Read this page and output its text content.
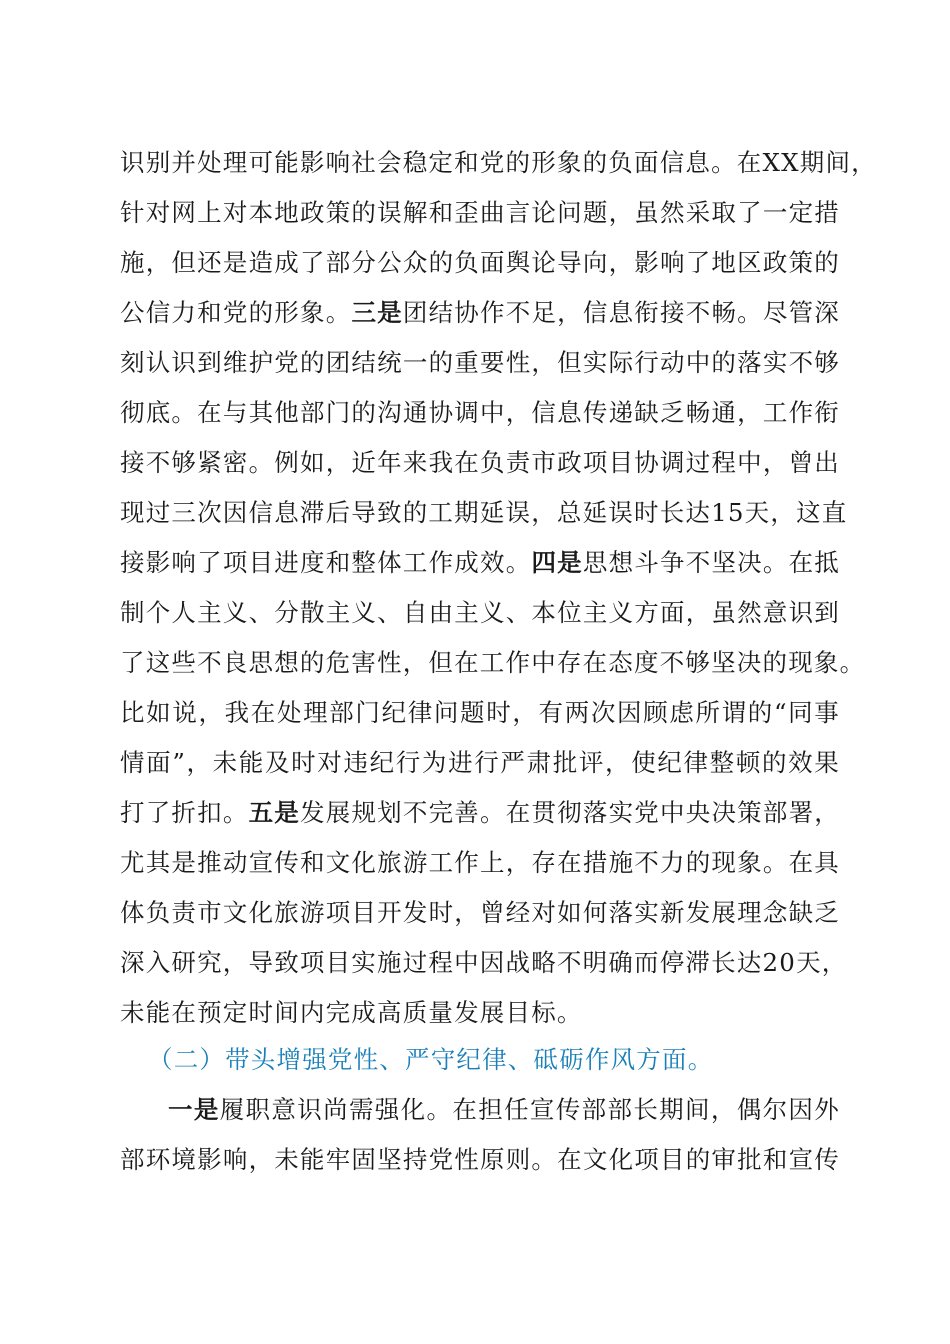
识别并处理可能影响社会稳定和党的形象的负面信息。在XX期间，
针对网上对本地政策的误解和歪曲言论问题，虽然采取了一定措
施，但还是造成了部分公众的负面舆论导向，影响了地区政策的
公信力和党的形象。三是团结协作不足，信息衔接不畅。尽管深
刻认识到维护党的团结统一的重要性，但实际行动中的落实不够
彻底。在与其他部门的沟通协调中，信息传递缺乏畅通，工作衔
接不够紧密。例如，近年来我在负责市政项目协调过程中，曾出
现过三次因信息滞后导致的工期延误，总延误时长达15天，这直
接影响了项目进度和整体工作成效。四是思想斗争不坚决。在抵
制个人主义、分散主义、自由主义、本位主义方面，虽然意识到
了这些不良思想的危害性，但在工作中存在态度不够坚决的现象。
比如说，我在处理部门纪律问题时，有两次因顾虑所谓的“同事
情面”，未能及时对违纪行为进行严肃批评，使纪律整顿的效果
打了折扣。五是发展规划不完善。在贯彻落实党中央决策部署，
尤其是推动宣传和文化旅游工作上，存在措施不力的现象。在具
体负责市文化旅游项目开发时，曾经对如何落实新发展理念缺乏
深入研究，导致项目实施过程中因战略不明确而停滞长达20天，
未能在预定时间内完成高质量发展目标。
（二）带头增强党性、严守纪律、砥砺作风方面。
一是履职意识尚需强化。在担任宣传部部长期间，偶尔因外
部环境影响，未能牢固坚持党性原则。在文化项目的审批和宣传
